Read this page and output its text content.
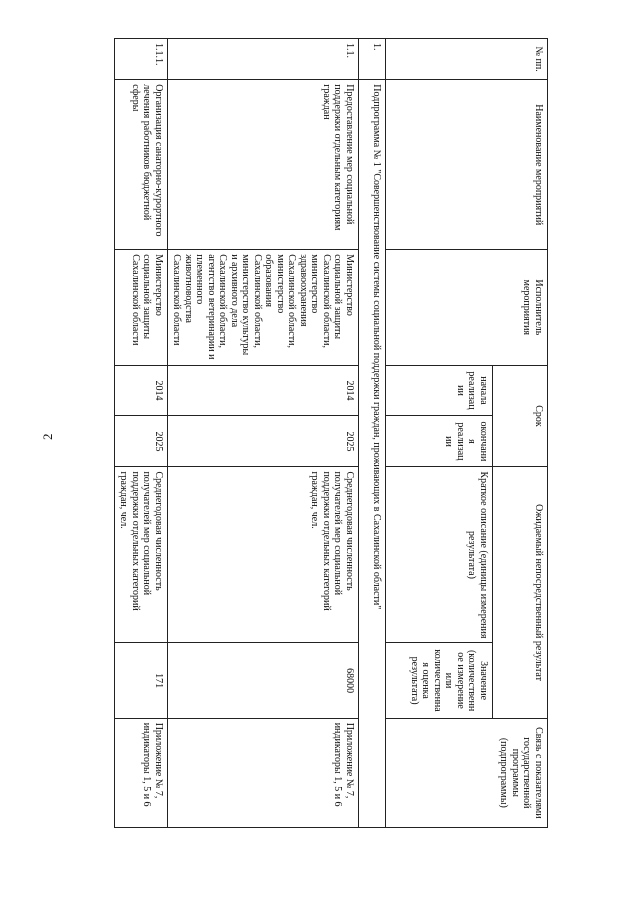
2
№ пп.	Наименование мероприятий	Исполнитель мероприятия	Срок		Ожидаемый непосредственный результат		Связь с показателями государственной программы (подпрограммы)
			начала реализации	окончания реализации	Краткое описание (единицы измерения результата)	Значение (количественное измерение или количественная оценка результата)	
1.	Подпрограмма № 1 "Совершенствование системы социальной поддержки граждан, проживающих в Сахалинской области"						
1.1.	Предоставление мер социальной поддержки отдельным категориям граждан	Министерство социальной защиты Сахалинской области, министерство здравоохранения Сахалинской области, министерство образования Сахалинской области, министерство культуры и архивного дела Сахалинской области, агентство ветеринарии и племенного животноводства Сахалинской области	2014	2025	Среднегодовая численность получателей мер социальной поддержки отдельных категорий граждан, чел.	68000	Приложение № 7, индикаторы 1, 5 и 6
1.1.1.	Организация санаторно-курортного лечения работников бюджетной сферы	Министерство социальной защиты Сахалинской области	2014	2025	Среднегодовая численность получателей мер социальной поддержки отдельных категорий граждан, чел.	171	Приложение № 7, индикаторы 1, 5 и 6
